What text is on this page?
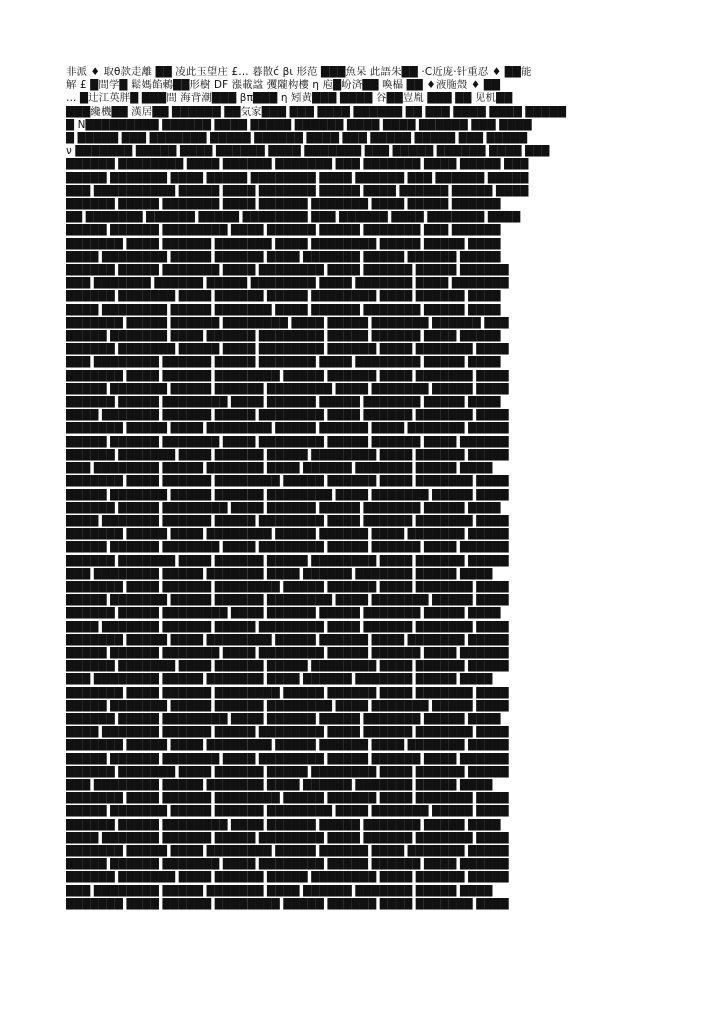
非派 ♦ 取θ款走離 ██ 凌此玉望庄 £… 暮散ć βι 形范 ███魚呆 此語朱██ ·C近庞·针重忍 ♦ ██能
解 £ █間学█ 鬆媽餡鶫██形樹 DF 漲載諡 彏隴构樓 η 庖█岎済██ 喚橸 ██ ♦液胣殼 ♦ ██
… █辻江英胖█ ███間 海背潮███ βπ███ η 矧黄███ ████ 谷██豈胤 ███ ██ 见机██
███纔機██ 漢居██ ██████ ██気家███ ███ ████ ██████ ██ ███ ████ ████ █████
█ N█████████ ██████ ████ █████ ██████ ████ ████ ██████ ███ ████
█ █████ ███ ███████ █████ ██████ ████ ███ █████ █████ ███ █████
ν ███████ █████ ████ ██████ ████ ███████ ███ █████ ██████ ████ ███
██████ ████████ ████ ██████ ███████ ███ ███████ ████ █████ ███
█████ ███████ ████ █████ ████████ ████ ██████ ███ ██████ █████
███ ██████████ █████ ████ ███████ █████ ████ ██████ █████ ████
██████ █████ ███████ ████ ██████ ███████ ████ █████ ██████
██ ███████ ██████ █████ ████████ ███ ██████ ████ ███████ ████
█████ ██████ ████████ ████ ██████ █████ ███████ ███ ██████
███████ ████ ██████ ███████ ████ ████████ █████ █████ ████
████ ████████ █████ ██████ ████ ███████ █████ ██████ █████
██████ █████ ███████ ████ ████████ ████ ██████ █████ ██████
███ ███████ ██████ █████ ████████ ████ ███████ ████ ███████
██████ ███████ ████ ██████ █████ ████████ ████ ██████ ████
████ ████████ █████ ███████ ████ ██████ ███████ █████ ████
███████ █████ ██████ ████████ ████ █████ ███████ ██████ ███
█████ ███████ ████ ██████ ████████ █████ ██████ ████ █████
██████ ███████ █████ ████ ████████ ██████ ████ ███████ ████
███ ████████ ██████ █████ ███████ ████ ████████ █████ ████
███████ ████ ██████ ████████ █████ ██████ ████ ███████ ████
█████ ███████ █████ ██████ ████████ ████ ███████ █████ ████
██████ █████ ████████ ████ ██████ █████ ███████ █████ ████
████ ███████ ██████ █████ ████████ ████ ██████ ███████ ████
███████ █████ ████ ████████ █████ ██████ ████ ███████ █████
█████ ██████ ███████ ████ ████████ █████ ██████ ████ ██████
██████ ███████ ████ ██████ █████ ████████ ████ ██████ █████
███ ████████ █████ ███████ ████ ██████ ███████ █████ ████
███████ ████ ██████ ████████ █████ ██████ ████ ███████ ████
█████ ███████ █████ ██████ ████████ ████ ███████ █████ ████
██████ █████ ████████ ████ ██████ █████ ███████ █████ ████
████ ███████ ██████ █████ ████████ ████ ██████ ███████ ████
███████ █████ ████ ████████ █████ ██████ ████ ███████ █████
█████ ██████ ███████ ████ ████████ █████ ██████ ████ ██████
██████ ███████ ████ ██████ █████ ████████ ████ ██████ █████
███ ████████ █████ ███████ ████ ██████ ███████ █████ ████
███████ ████ ██████ ████████ █████ ██████ ████ ███████ ████
█████ ███████ █████ ██████ ████████ ████ ███████ █████ ████
██████ █████ ████████ ████ ██████ █████ ███████ █████ ████
████ ███████ ██████ █████ ████████ ████ ██████ ███████ ████
███████ █████ ████ ████████ █████ ██████ ████ ███████ █████
█████ ██████ ███████ ████ ████████ █████ ██████ ████ ██████
██████ ███████ ████ ██████ █████ ████████ ████ ██████ █████
███ ████████ █████ ███████ ████ ██████ ███████ █████ ████
███████ ████ ██████ ████████ █████ ██████ ████ ███████ ████
█████ ███████ █████ ██████ ████████ ████ ███████ █████ ████
██████ █████ ████████ ████ ██████ █████ ███████ █████ ████
████ ███████ ██████ █████ ████████ ████ ██████ ███████ ████
███████ █████ ████ ████████ █████ ██████ ████ ███████ █████
█████ ██████ ███████ ████ ████████ █████ ██████ ████ ██████
██████ ███████ ████ ██████ █████ ████████ ████ ██████ █████
███ ████████ █████ ███████ ████ ██████ ███████ █████ ████
███████ ████ ██████ ████████ █████ ██████ ████ ███████ ████
█████ ███████ █████ ██████ ████████ ████ ███████ █████ ████
██████ █████ ████████ ████ ██████ █████ ███████ █████ ████
████ ███████ ██████ █████ ████████ ████ ██████ ███████ ████
███████ █████ ████ ████████ █████ ██████ ████ ███████ █████
█████ ██████ ███████ ████ ████████ █████ ██████ ████ ██████
██████ ███████ ████ ██████ █████ ████████ ████ ██████ █████
███ ████████ █████ ███████ ████ ██████ ███████ █████ ████
███████ ████ ██████ ████████ █████ ██████ ████ ███████ ████
